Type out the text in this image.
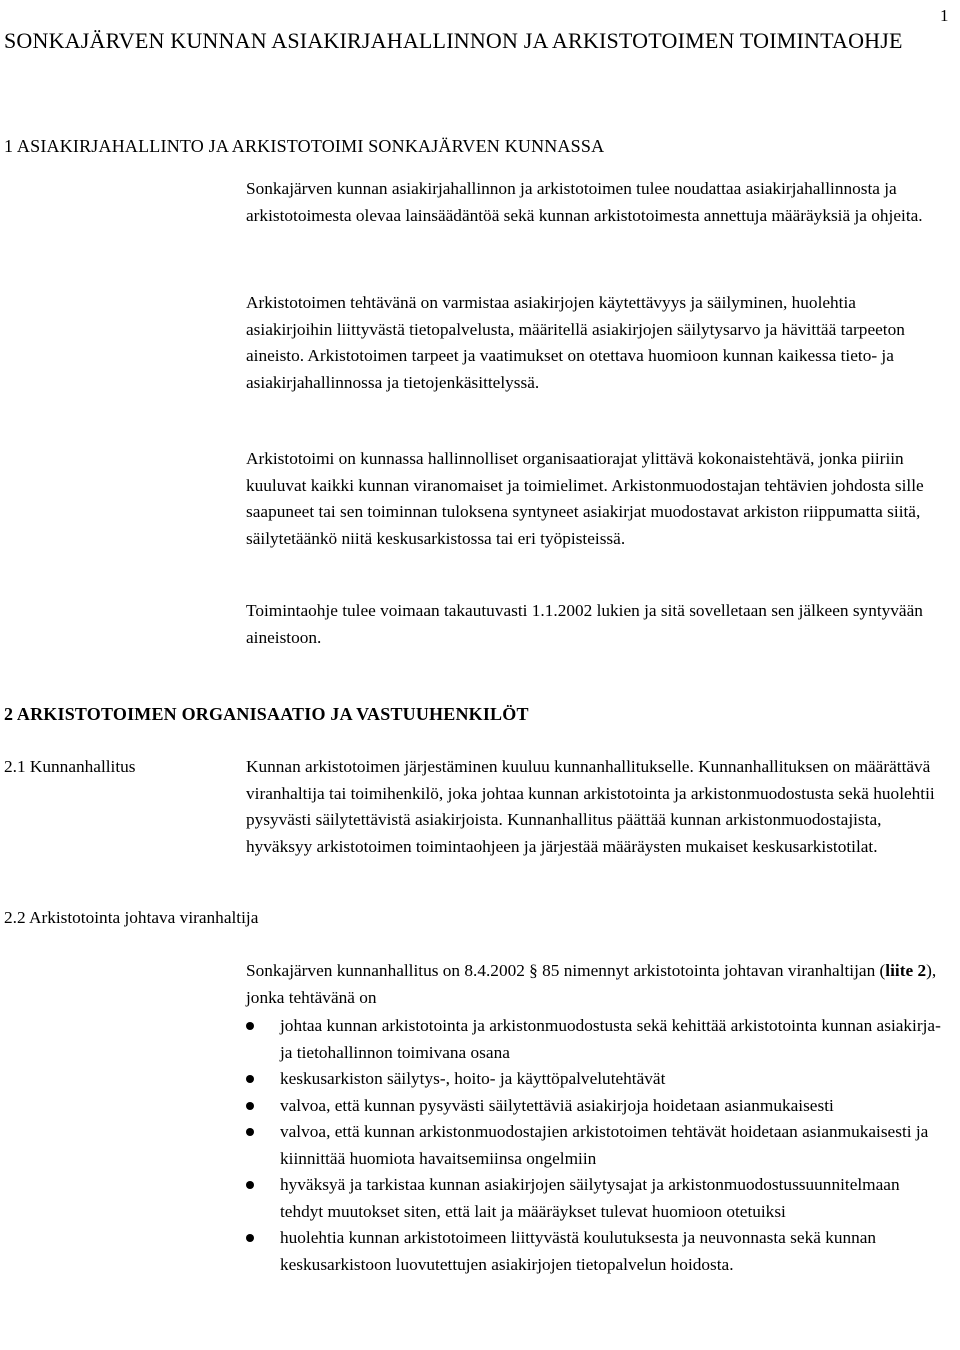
1
SONKAJÄRVEN KUNNAN ASIAKIRJAHALLINNON JA ARKISTOTOIMEN TOIMINTAOHJE
1 ASIAKIRJAHALLINTO JA ARKISTOTOIMI SONKAJÄRVEN KUNNASSA

Sonkajärven kunnan asiakirjahallinnon ja arkistotoimen tulee noudattaa asiakirjahallinnosta ja arkistotoimesta olevaa lainsäädäntöä sekä kunnan arkistotoimesta annettuja määräyksiä ja ohjeita.

Arkistotoimen tehtävänä on varmistaa asiakirjojen käytettävyys ja säilyminen, huolehtia asiakirjoihin liittyvästä tietopalvelusta, määritellä asiakirjojen säilytysarvo ja hävittää tarpeeton aineisto. Arkistotoimen tarpeet ja vaatimukset on otettava huomioon kunnan kaikessa tieto- ja asiakirjahallinnossa ja tietojenkäsittelyssä.

Arkistotoimi on kunnassa hallinnolliset organisaatiorajat ylittävä kokonaistehtävä, jonka piiriin kuuluvat kaikki kunnan viranomaiset ja toimielimet. Arkistonmuodostajan tehtävien johdosta sille saapuneet tai sen toiminnan tuloksena syntyneet asiakirjat muodostavat arkiston riippumatta siitä, säilytetäänkö niitä keskusarkistossa tai eri työpisteissä.

Toimintaohje tulee voimaan takautuvasti 1.1.2002 lukien ja sitä sovelletaan sen jälkeen syntyvään aineistoon.

2 ARKISTOTOIMEN ORGANISAATIO JA VASTUUHENKILÖT
2.1 Kunnanhallitus	Kunnan arkistotoimen järjestäminen kuuluu kunnanhallitukselle. Kunnanhallituksen on määrättävä viranhaltija tai toimihenkilö, joka johtaa kunnan arkistotointa ja arkistonmuodostusta sekä huolehtii pysyvästi säilytettävistä asiakirjoista. Kunnanhallitus päättää kunnan arkistonmuodostajista, hyväksyy arkistotoimen toimintaohjeen ja järjestää määräysten mukaiset keskusarkistotilat.

2.2 Arkistotointa johtava viranhaltija

Sonkajärven kunnanhallitus on 8.4.2002 § 85 nimennyt arkistotointa johtavan viranhaltijan (liite 2), jonka tehtävänä on

johtaa kunnan arkistotointa ja arkistonmuodostusta sekä kehittää arkistotointa kunnan asiakirja- ja tietohallinnon toimivana osana
keskusarkiston säilytys-, hoito- ja käyttöpalvelutehtävät
valvoa, että kunnan pysyvästi säilytettäviä asiakirjoja hoidetaan asianmukaisesti
valvoa, että kunnan arkistonmuodostajien arkistotoimen tehtävät hoidetaan asianmukaisesti ja kiinnittää huomiota havaitsemiinsa ongelmiin
hyväksyä ja tarkistaa kunnan asiakirjojen säilytysajat ja arkistonmuodostussuunnitelmaan tehdyt muutokset siten, että lait ja määräykset tulevat huomioon otetuiksi
huolehtia kunnan arkistotoimeen liittyvästä koulutuksesta ja neuvonnasta sekä kunnan keskusarkistoon luovutettujen asiakirjojen tietopalvelun hoidosta.
